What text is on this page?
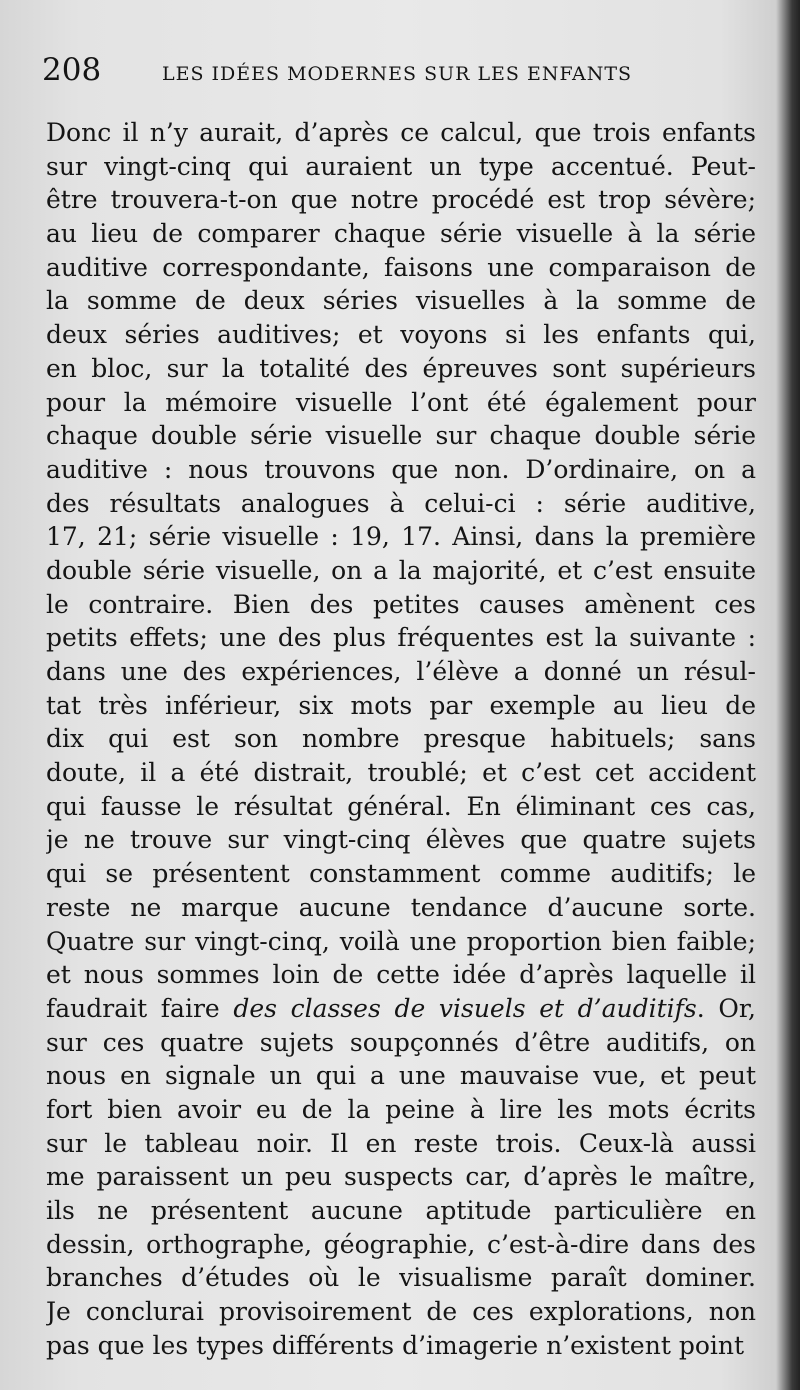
208	LES IDÉES MODERNES SUR LES ENFANTS
Donc il n’y aurait, d’après ce calcul, que trois enfants
sur vingt-cinq qui auraient un type accentué. Peut-
être trouvera-t-on que notre procédé est trop sévère;
au lieu de comparer chaque série visuelle à la série
auditive correspondante, faisons une comparaison de
la somme de deux séries visuelles à la somme de
deux séries auditives; et voyons si les enfants qui,
en bloc, sur la totalité des épreuves sont supérieurs
pour la mémoire visuelle l’ont été également pour
chaque double série visuelle sur chaque double série
auditive : nous trouvons que non. D’ordinaire, on a
des résultats analogues à celui-ci : série auditive,
17, 21; série visuelle : 19, 17. Ainsi, dans la première
double série visuelle, on a la majorité, et c’est ensuite
le contraire. Bien des petites causes amènent ces
petits effets; une des plus fréquentes est la suivante :
dans une des expériences, l’élève a donné un résul-
tat très inférieur, six mots par exemple au lieu de
dix qui est son nombre presque habituels; sans
doute, il a été distrait, troublé; et c’est cet accident
qui fausse le résultat général. En éliminant ces cas,
je ne trouve sur vingt-cinq élèves que quatre sujets
qui se présentent constamment comme auditifs; le
reste ne marque aucune tendance d’aucune sorte.
Quatre sur vingt-cinq, voilà une proportion bien faible;
et nous sommes loin de cette idée d’après laquelle il
faudrait faire des classes de visuels et d’auditifs. Or,
sur ces quatre sujets soupçonnés d’être auditifs, on
nous en signale un qui a une mauvaise vue, et peut
fort bien avoir eu de la peine à lire les mots écrits
sur le tableau noir. Il en reste trois. Ceux-là aussi
me paraissent un peu suspects car, d’après le maître,
ils ne présentent aucune aptitude particulière en
dessin, orthographe, géographie, c’est-à-dire dans des
branches d’études où le visualisme paraît dominer.
Je conclurai provisoirement de ces explorations, non
pas que les types différents d’imagerie n’existent point
